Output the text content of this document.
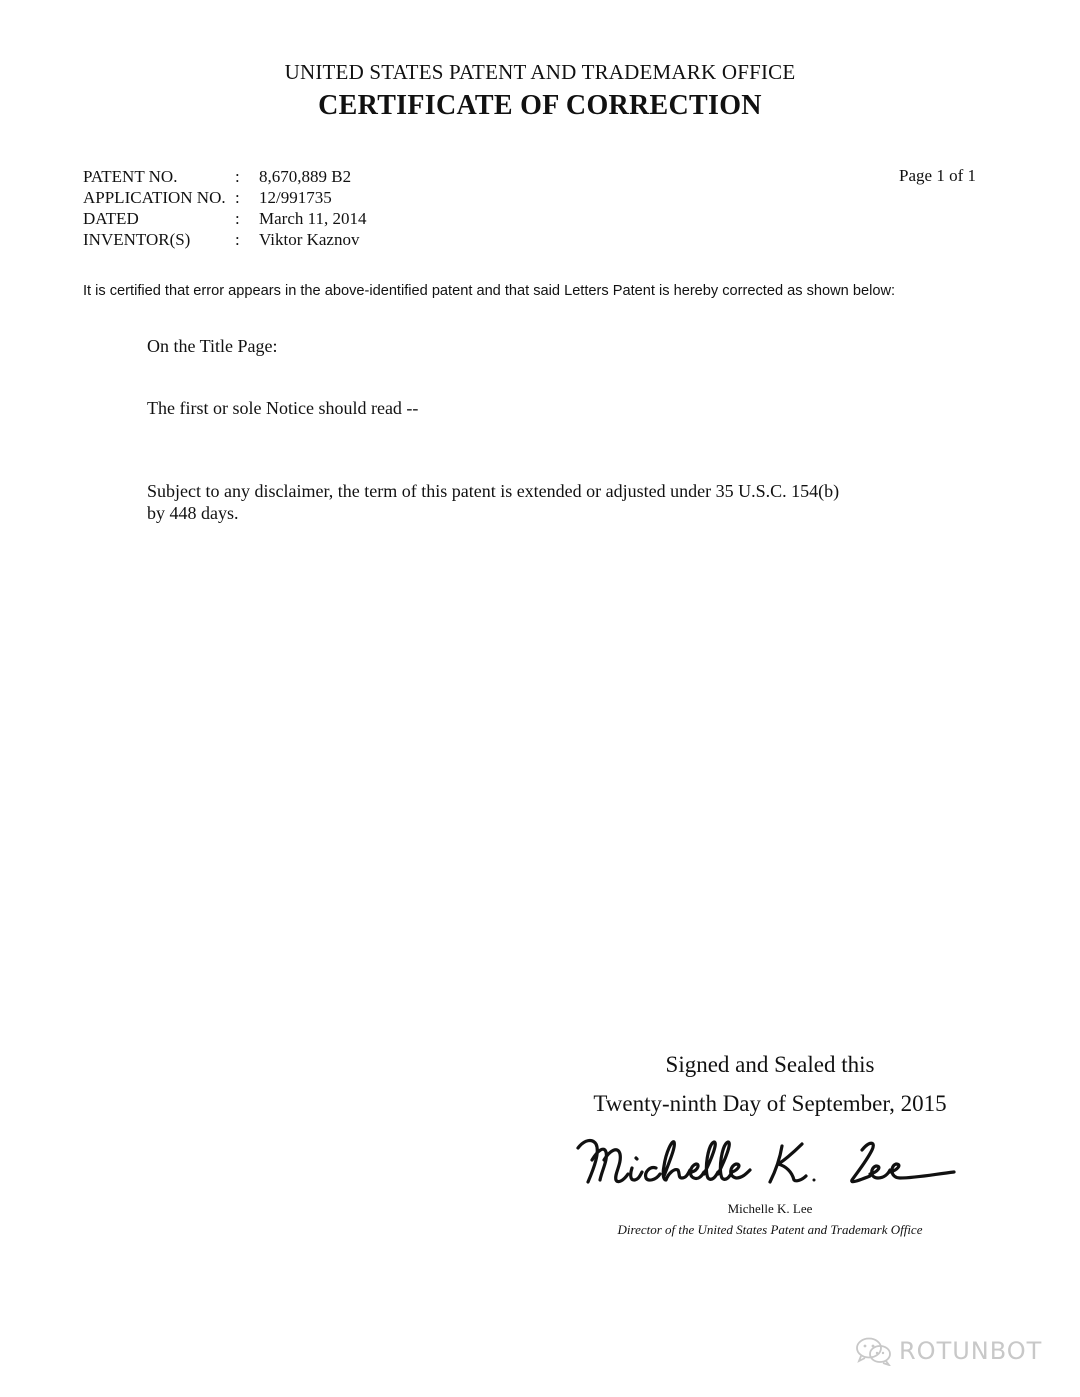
UNITED STATES PATENT AND TRADEMARK OFFICE
CERTIFICATE OF CORRECTION
PATENT NO.	:	8,670,889 B2
APPLICATION NO. :	12/991735
DATED	:	March 11, 2014
INVENTOR(S)	:	Viktor Kaznov
Page 1 of 1
It is certified that error appears in the above-identified patent and that said Letters Patent is hereby corrected as shown below:
On the Title Page:
The first or sole Notice should read --
Subject to any disclaimer, the term of this patent is extended or adjusted under 35 U.S.C. 154(b)
by 448 days.
Signed and Sealed this
Twenty-ninth Day of September, 2015
Michelle K. Lee
Director of the United States Patent and Trademark Office
ROTUNBOT
